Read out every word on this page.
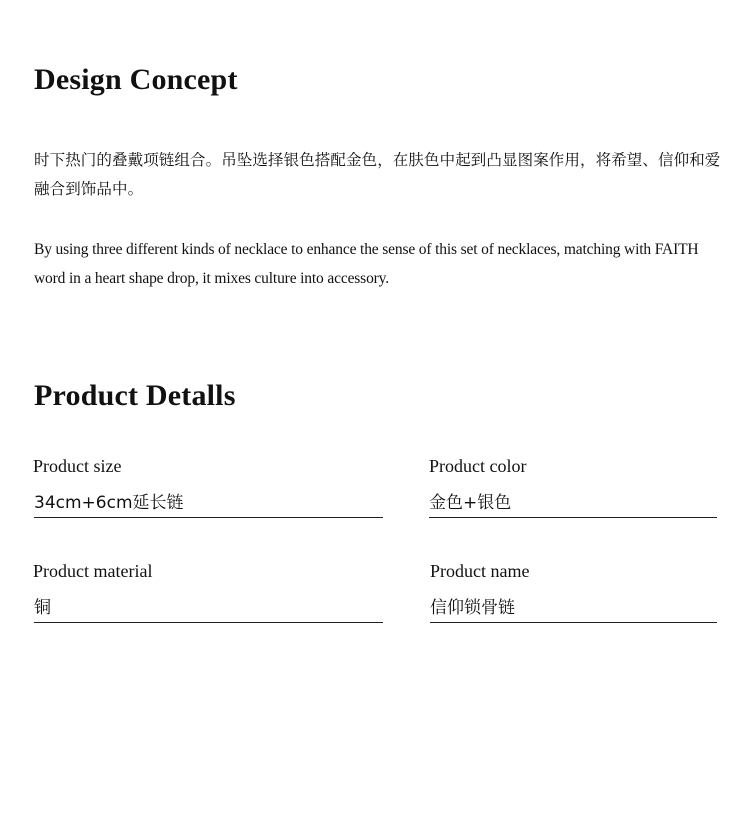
Design Concept

时下热门的叠戴项链组合。吊坠选择银色搭配金色，在肤色中起到凸显图案作用，将希望、信仰和爱融合到饰品中。

By using three different kinds of necklace to enhance the sense of this set of necklaces, matching with FAITH word in a heart shape drop, it mixes culture into accessory.

Product Detalls
Product size
34cm+6cm延长链
Product color
金色+银色
Product material
铜
Product name
信仰锁骨链
